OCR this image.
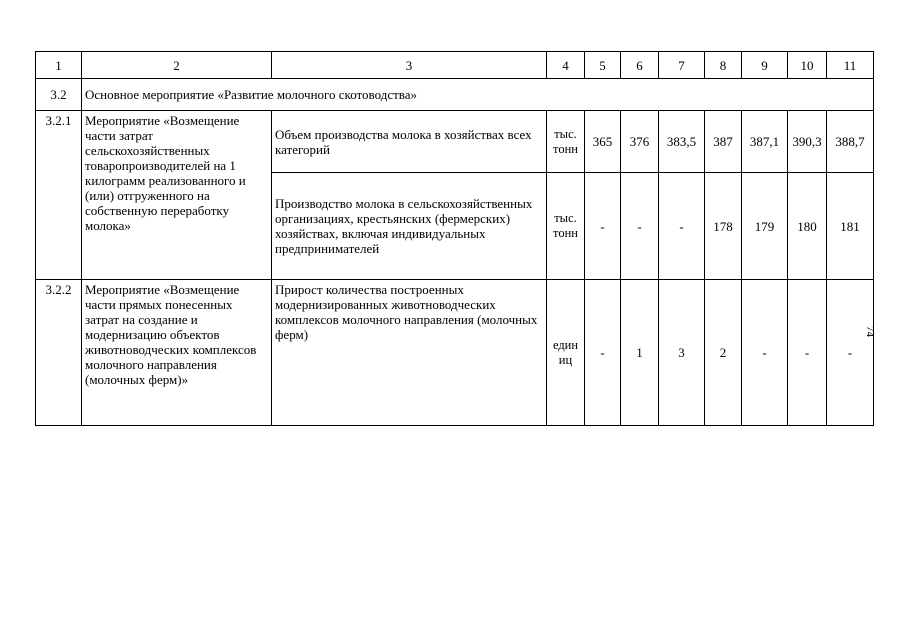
1	2	3	4	5	6	7	8	9	10	11
3.2	Основное мероприятие «Развитие молочного скотоводства»									
3.2.1	Мероприятие «Возмещение части затрат сельскохозяйственных товаропроизводителей на 1 килограмм реализованного и (или) отгруженного на собственную переработку молока»	Объем производства молока в хозяйствах всех категорий	тыс. тонн	365	376	383,5	387	387,1	390,3	388,7
		Производство молока в сельскохозяйственных организациях, крестьянских (фермерских) хозяйствах, включая индивидуальных предпринимателей	тыс. тонн	-	-	-	178	179	180	181
3.2.2	Мероприятие «Возмещение части прямых понесенных затрат на создание и модернизацию объектов животноводческих комплексов молочного направления (молочных ферм)»	Прирост количества построенных модернизированных животноводческих комплексов молочного направления (молочных ферм)	единиц	-	1	3	2	-	-	-
74
